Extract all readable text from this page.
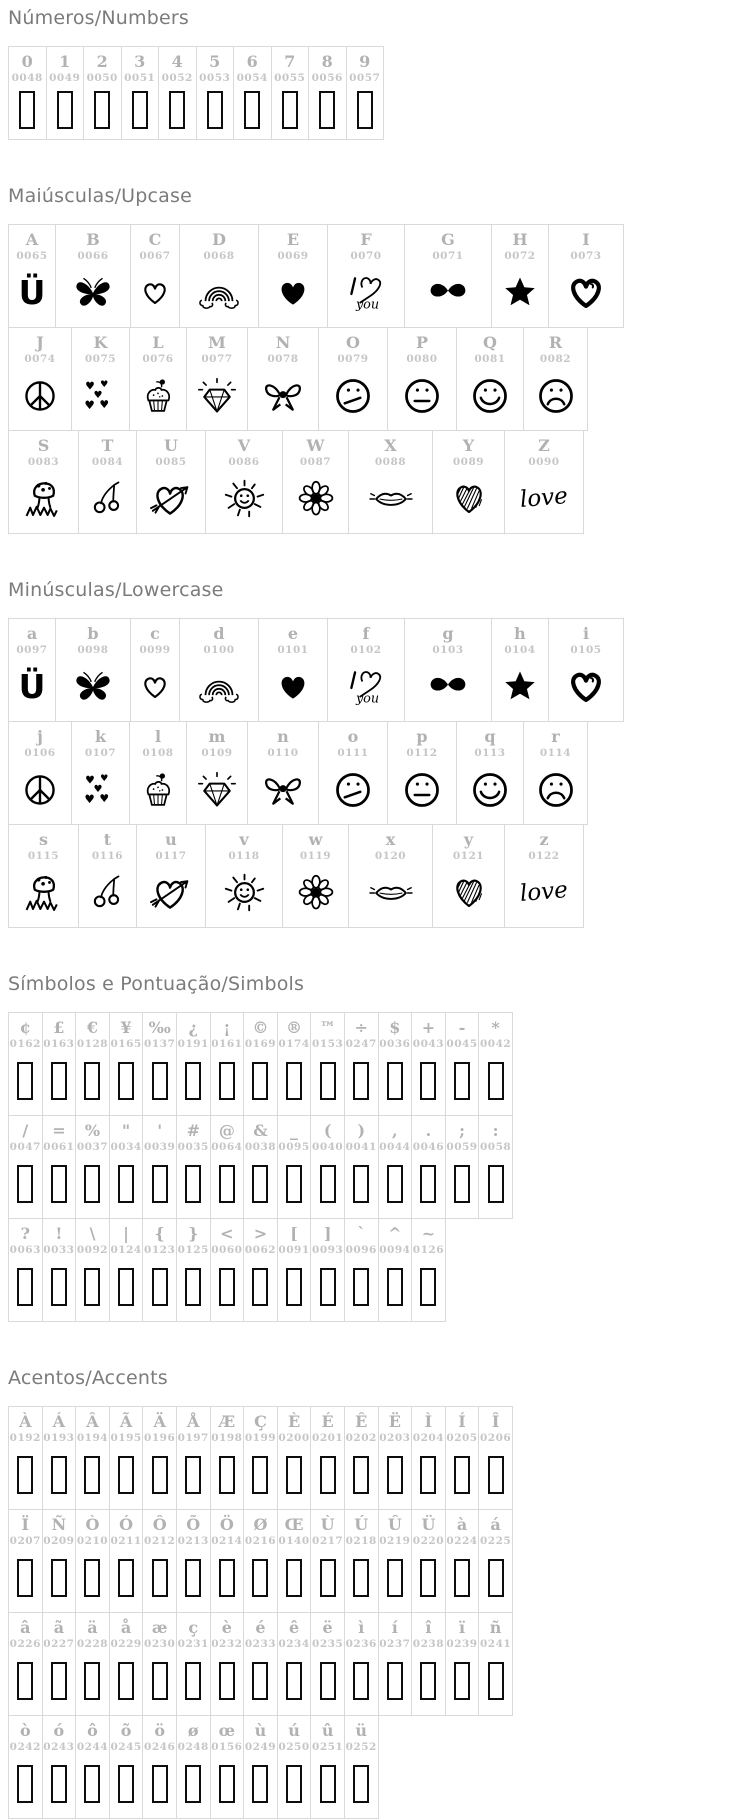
Números/Numbers
0
0048
1
0049
2
0050
3
0051
4
0052
5
0053
6
0054
7
0055
8
0056
9
0057
Maiúsculas/Upcase
A
0065
Ü
B
0066
C
0067
D
0068
E
0069
F
0070
you
G
0071
H
0072
I
0073
J
0074
K
0075
♥ ♥
♥
♥ ♥
L
0076
M
0077
N
0078
O
0079
P
0080
Q
0081
R
0082
S
0083
T
0084
U
0085
V
0086
W
0087
X
0088
Y
0089
Z
0090
love
Minúsculas/Lowercase
a
0097
Ü
b
0098
c
0099
d
0100
e
0101
f
0102
you
g
0103
h
0104
i
0105
j
0106
k
0107
♥ ♥
♥
♥ ♥
l
0108
m
0109
n
0110
o
0111
p
0112
q
0113
r
0114
s
0115
t
0116
u
0117
v
0118
w
0119
x
0120
y
0121
z
0122
love
Símbolos e Pontuação/Simbols
¢
0162
£
0163
€
0128
¥
0165
‰
0137
¿
0191
¡
0161
©
0169
®
0174
™
0153
÷
0247
$
0036
+
0043
-
0045
*
0042
/
0047
=
0061
%
0037
"
0034
'
0039
#
0035
@
0064
&
0038
_
0095
(
0040
)
0041
,
0044
.
0046
;
0059
:
0058
?
0063
!
0033
\
0092
|
0124
{
0123
}
0125
<
0060
>
0062
[
0091
]
0093
`
0096
^
0094
~
0126
Acentos/Accents
À
0192
Á
0193
Â
0194
Ã
0195
Ä
0196
Å
0197
Æ
0198
Ç
0199
È
0200
É
0201
Ê
0202
Ë
0203
Ì
0204
Í
0205
Î
0206
Ï
0207
Ñ
0209
Ò
0210
Ó
0211
Ô
0212
Õ
0213
Ö
0214
Ø
0216
Œ
0140
Ù
0217
Ú
0218
Û
0219
Ü
0220
à
0224
á
0225
â
0226
ã
0227
ä
0228
å
0229
æ
0230
ç
0231
è
0232
é
0233
ê
0234
ë
0235
ì
0236
í
0237
î
0238
ï
0239
ñ
0241
ò
0242
ó
0243
ô
0244
õ
0245
ö
0246
ø
0248
œ
0156
ù
0249
ú
0250
û
0251
ü
0252
